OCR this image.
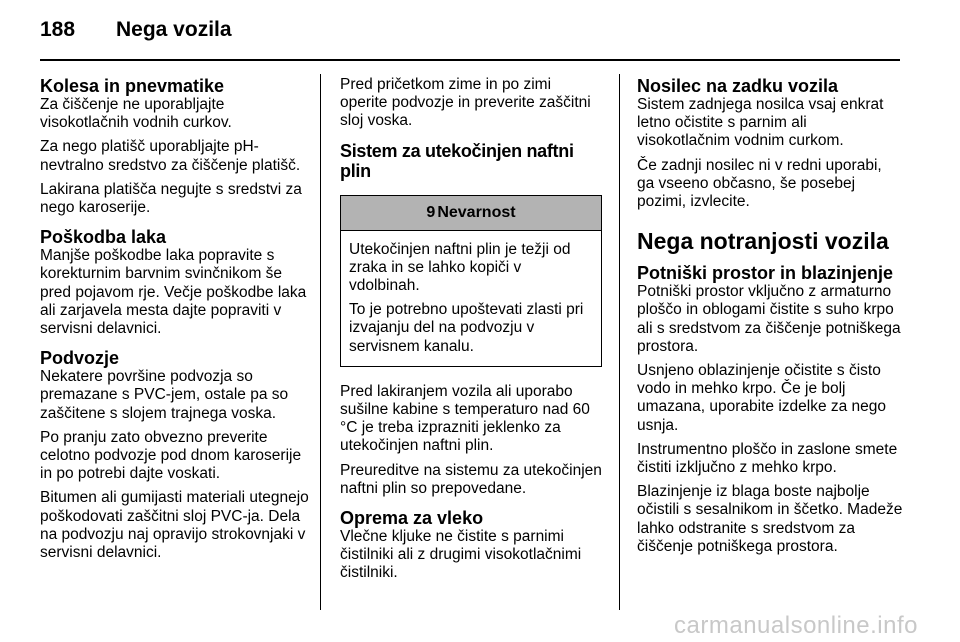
188 Nega vozila
Kolesa in pnevmatike

Za čiščenje ne uporabljajte visokotlačnih vodnih curkov.

Za nego platišč uporabljajte pH-nevtralno sredstvo za čiščenje platišč.

Lakirana platišča negujte s sredstvi za nego karoserije.

Poškodba laka

Manjše poškodbe laka popravite s korekturnim barvnim svinčnikom še pred pojavom rje. Večje poškodbe laka ali zarjavela mesta dajte popraviti v servisni delavnici.

Podvozje

Nekatere površine podvozja so premazane s PVC-jem, ostale pa so zaščitene s slojem trajnega voska.

Po pranju zato obvezno preverite celotno podvozje pod dnom karoserije in po potrebi dajte voskati.

Bitumen ali gumijasti materiali utegnejo poškodovati zaščitni sloj PVC-ja. Dela na podvozju naj opravijo strokovnjaki v servisni delavnici.

Pred pričetkom zime in po zimi operite podvozje in preverite zaščitni sloj voska.

Sistem za utekočinjen naftni plin
9 Nevarnost

Utekočinjen naftni plin je težji od zraka in se lahko kopiči v vdolbinah.

To je potrebno upoštevati zlasti pri izvajanju del na podvozju v servisnem kanalu.

Pred lakiranjem vozila ali uporabo sušilne kabine s temperaturo nad 60 °C je treba izprazniti jeklenko za utekočinjen naftni plin.

Preureditve na sistemu za utekočinjen naftni plin so prepovedane.

Oprema za vleko

Vlečne kljuke ne čistite s parnimi čistilniki ali z drugimi visokotlačnimi čistilniki.

Nosilec na zadku vozila

Sistem zadnjega nosilca vsaj enkrat letno očistite s parnim ali visokotlačnim vodnim curkom.

Če zadnji nosilec ni v redni uporabi, ga vseeno občasno, še posebej pozimi, izvlecite.

Nega notranjosti vozila
Potniški prostor in blazinjenje

Potniški prostor vključno z armaturno ploščo in oblogami čistite s suho krpo ali s sredstvom za čiščenje potniškega prostora.

Usnjeno oblazinjenje očistite s čisto vodo in mehko krpo. Če je bolj umazana, uporabite izdelke za nego usnja.

Instrumentno ploščo in zaslone smete čistiti izključno z mehko krpo.

Blazinjenje iz blaga boste najbolje očistili s sesalnikom in ščetko. Madeže lahko odstranite s sredstvom za čiščenje potniškega prostora.

carmanualsonline.info
